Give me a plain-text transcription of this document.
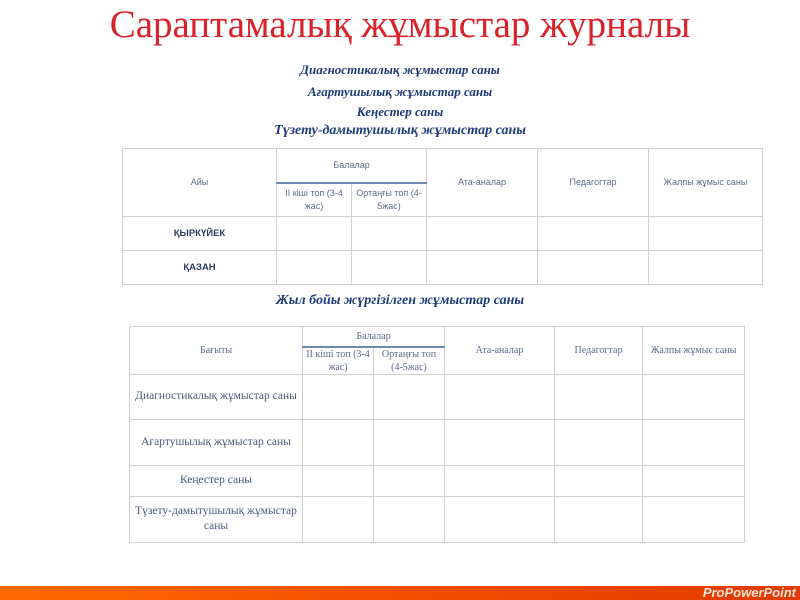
Сараптамалық жұмыстар журналы
Диагностикалық жұмыстар саны
Ағартушылық жұмыстар саны
Кеңестер саны
Түзету-дамытушылық жұмыстар саны
Айы	Балалар		Ата-аналар	Педагогтар	Жалпы жұмыс саны
	ІІ кіші топ (3-4 жас)	Ортаңғы топ (4-5жас)			
ҚЫРКҮЙЕК					
ҚАЗАН					
Жыл бойы жүргізілген жұмыстар саны
Бағыты	Балалар		Ата-аналар	Педагогтар	Жалпы жұмыс саны
	ІІ кіші топ (3-4 жас)	Ортаңғы топ (4-5жас)			
Диагностикалық жұмыстар саны					
Ағартушылық жұмыстар саны					
Кеңестер саны					
Түзету-дамытушылық жұмыстар саны					
ProPowerPoint
